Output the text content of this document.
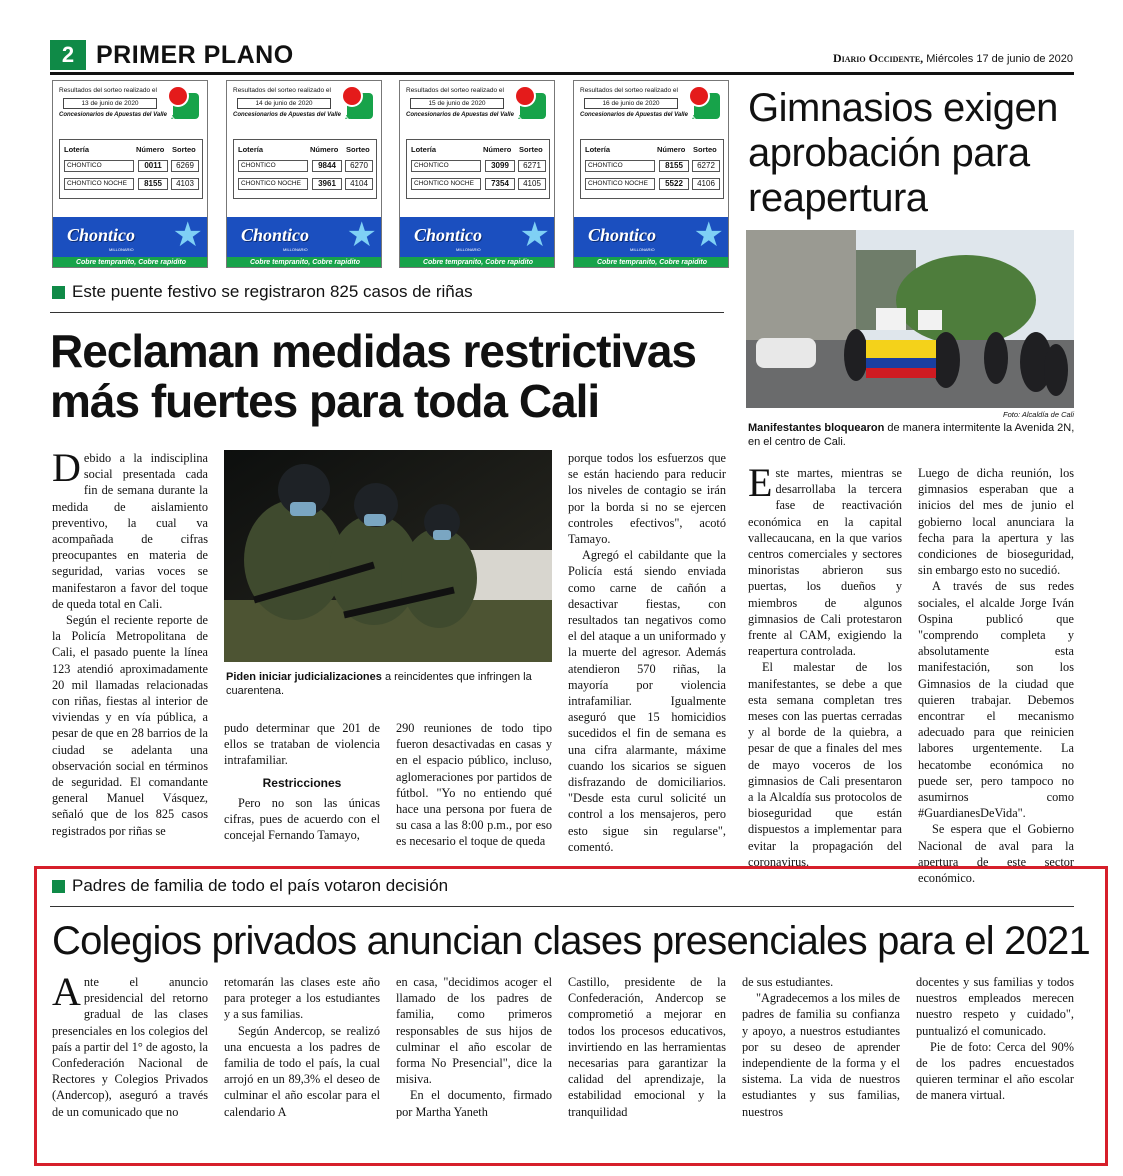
2 PRIMER PLANO	Diario Occidente, Miércoles 17 de junio de 2020
Resultados del sorteo realizado el
13 de junio de 2020
Concesionarios de Apuestas del Valle JUEGOS
Lotería	Número Sorteo
CHONTICO	0011	6269
CHONTICO NOCHE	8155	4103
Chontico
MILLONARIO ★
Cobre tempranito, Cobre rapidito
Resultados del sorteo realizado el
14 de junio de 2020
Concesionarios de Apuestas del Valle JUEGOS
Lotería	Número Sorteo
CHONTICO	9844	6270
CHONTICO NOCHE	3961	4104
Chontico
MILLONARIO ★
Cobre tempranito, Cobre rapidito
Resultados del sorteo realizado el
15 de junio de 2020
Concesionarios de Apuestas del Valle JUEGOS
Lotería	Número Sorteo
CHONTICO	3099	6271
CHONTICO NOCHE	7354	4105
Chontico
MILLONARIO ★
Cobre tempranito, Cobre rapidito
Resultados del sorteo realizado el
16 de junio de 2020
Concesionarios de Apuestas del Valle JUEGOS
Lotería	Número Sorteo
CHONTICO	8155	6272
CHONTICO NOCHE	5522	4106
Chontico
MILLONARIO ★
Cobre tempranito, Cobre rapidito
Este puente festivo se registraron 825 casos de riñas
Reclaman medidas restrictivas más fuertes para toda Cali

Debido a la indisciplina social presentada cada fin de semana durante la medida de aislamiento preventivo, la cual va acompañada de cifras preocupantes en materia de seguridad, varias voces se manifestaron a favor del toque de queda total en Cali.

Según el reciente reporte de la Policía Metropolitana de Cali, el pasado puente la línea 123 atendió aproximadamente 20 mil llamadas relacionadas con riñas, fiestas al interior de viviendas y en vía pública, a pesar de que en 28 barrios de la ciudad se adelanta una observación social en términos de seguridad. El comandante general Manuel Vásquez, señaló que de los 825 casos registrados por riñas se

Piden iniciar judicializaciones a reincidentes que infringen la cuarentena.

pudo determinar que 201 de ellos se trataban de violencia intrafamiliar.

Restricciones

Pero no son las únicas cifras, pues de acuerdo con el concejal Fernando Tamayo,

290 reuniones de todo tipo fueron desactivadas en casas y en el espacio público, incluso, aglomeraciones por partidos de fútbol. "Yo no entiendo qué hace una persona por fuera de su casa a las 8:00 p.m., por eso es necesario el toque de queda

porque todos los esfuerzos que se están haciendo para reducir los niveles de contagio se irán por la borda si no se ejercen controles efectivos", acotó Tamayo.

Agregó el cabildante que la Policía está siendo enviada como carne de cañón a desactivar fiestas, con resultados tan negativos como el del ataque a un uniformado y la muerte del agresor. Además atendieron 570 riñas, la mayoría por violencia intrafamiliar. Igualmente aseguró que 15 homicidios sucedidos el fin de semana es una cifra alarmante, máxime cuando los sicarios se siguen disfrazando de domiciliarios. "Desde esta curul solicité un control a los mensajeros, pero esto sigue sin regularse", comentó.

Gimnasios exigen aprobación para reapertura
Foto: Alcaldía de Cali
Manifestantes bloquearon de manera intermitente la Avenida 2N, en el centro de Cali.

Este martes, mientras se desarrollaba la tercera fase de reactivación económica en la capital vallecaucana, en la que varios centros comerciales y sectores minoristas abrieron sus puertas, los dueños y miembros de algunos gimnasios de Cali protestaron frente al CAM, exigiendo la reapertura controlada.

El malestar de los manifestantes, se debe a que esta semana completan tres meses con las puertas cerradas y al borde de la quiebra, a pesar de que a finales del mes de mayo voceros de los gimnasios de Cali presentaron a la Alcaldía sus protocolos de bioseguridad que están dispuestos a implementar para evitar la propagación del coronavirus.

Luego de dicha reunión, los gimnasios esperaban que a inicios del mes de junio el gobierno local anunciara la fecha para la apertura y las condiciones de bioseguridad, sin embargo esto no sucedió.

A través de sus redes sociales, el alcalde Jorge Iván Ospina publicó que "comprendo completa y absolutamente esta manifestación, son los Gimnasios de la ciudad que quieren trabajar. Debemos encontrar el mecanismo adecuado para que reinicien labores urgentemente. La hecatombe económica no puede ser, pero tampoco no asumirnos como #GuardianesDeVida".

Se espera que el Gobierno Nacional de aval para la apertura de este sector económico.

Padres de familia de todo el país votaron decisión
Colegios privados anuncian clases presenciales para el 2021

Ante el anuncio presidencial del retorno gradual de las clases presenciales en los colegios del país a partir del 1° de agosto, la Confederación Nacional de Rectores y Colegios Privados (Andercop), aseguró a través de un comunicado que no

retomarán las clases este año para proteger a los estudiantes y a sus familias.

Según Andercop, se realizó una encuesta a los padres de familia de todo el país, la cual arrojó en un 89,3% el deseo de culminar el año escolar para el calendario A

en casa, "decidimos acoger el llamado de los padres de familia, como primeros responsables de sus hijos de culminar el año escolar de forma No Presencial", dice la misiva.

En el documento, firmado por Martha Yaneth

Castillo, presidente de la Confederación, Andercop se comprometió a mejorar en todos los procesos educativos, invirtiendo en las herramientas necesarias para garantizar la calidad del aprendizaje, la estabilidad emocional y la tranquilidad

de sus estudiantes.

"Agradecemos a los miles de padres de familia su confianza y apoyo, a nuestros estudiantes por su deseo de aprender independiente de la forma y el sistema. La vida de nuestros estudiantes y sus familias, nuestros

docentes y sus familias y todos nuestros empleados merecen nuestro respeto y cuidado", puntualizó el comunicado.

Pie de foto: Cerca del 90% de los padres encuestados quieren terminar el año escolar de manera virtual.
